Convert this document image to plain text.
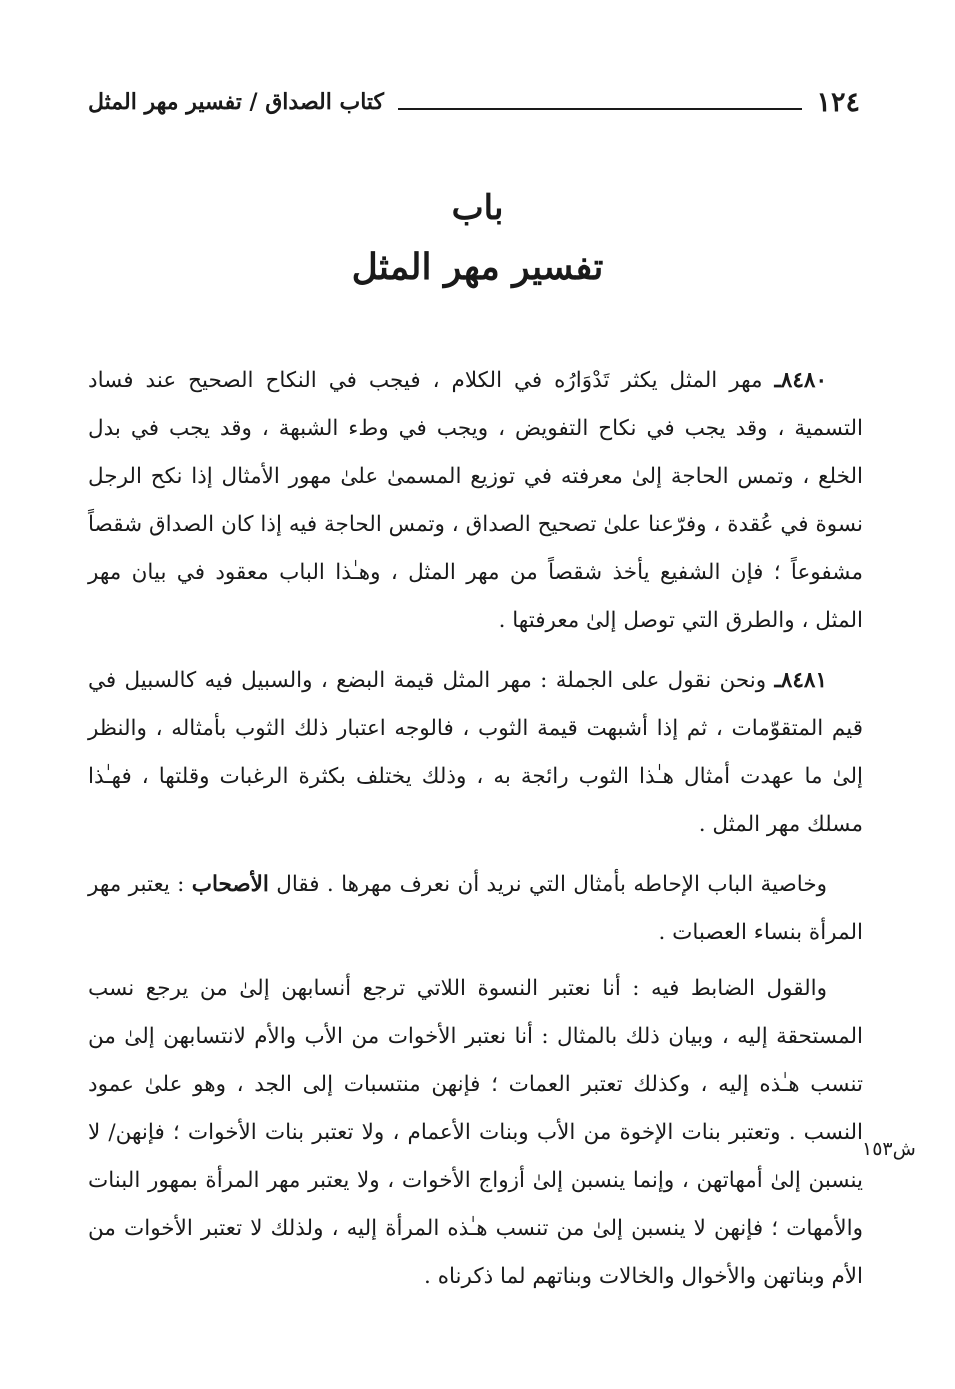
١٢٤
كتاب الصداق / تفسير مهر المثل
باب
تفسير مهر المثل

٨٤٨٠ـ مهر المثل يكثر تَدْوَارُه في الكلام ، فيجب في النكاح الصحيح عند فساد التسمية ، وقد يجب في نكاح التفويض ، ويجب في وطء الشبهة ، وقد يجب في بدل الخلع ، وتمس الحاجة إلىٰ معرفته في توزيع المسمىٰ علىٰ مهور الأمثال إذا نكح الرجل نسوة في عُقدة ، وفرّعنا علىٰ تصحيح الصداق ، وتمس الحاجة فيه إذا كان الصداق شقصاً مشفوعاً ؛ فإن الشفيع يأخذ شقصاً من مهر المثل ، وهـٰذا الباب معقود في بيان مهر المثل ، والطرق التي توصل إلىٰ معرفتها .

٨٤٨١ـ ونحن نقول على الجملة : مهر المثل قيمة البضع ، والسبيل فيه كالسبيل في قيم المتقوّمات ، ثم إذا أشبهت قيمة الثوب ، فالوجه اعتبار ذلك الثوب بأمثاله ، والنظر إلىٰ ما عهدت أمثال هـٰذا الثوب رائجة به ، وذلك يختلف بكثرة الرغبات وقلتها ، فهـٰذا مسلك مهر المثل .

وخاصية الباب الإحاطه بأمثال التي نريد أن نعرف مهرها . فقال الأصحاب : يعتبر مهر المرأة بنساء العصبات .

والقول الضابط فيه : أنا نعتبر النسوة اللاتي ترجع أنسابهن إلىٰ من يرجع نسب المستحقة إليه ، وبيان ذلك بالمثال : أنا نعتبر الأخوات من الأب والأم لانتسابهن إلىٰ من تنسب هـٰذه إليه ، وكذلك تعتبر العمات ؛ فإنهن منتسبات إلى الجد ، وهو علىٰ عمود النسب . وتعتبر بنات الإخوة من الأب وبنات الأعمام ، ولا تعتبر بنات الأخوات ؛ فإنهن/ لا ينسبن إلىٰ أمهاتهن ، وإنما ينسبن إلىٰ أزواج الأخوات ، ولا يعتبر مهر المرأة بمهور البنات والأمهات ؛ فإنهن لا ينسبن إلىٰ من تنسب هـٰذه المرأة إليه ، ولذلك لا تعتبر الأخوات من الأم وبناتهن والأخوال والخالات وبناتهم لما ذكرناه .

ش١٥٣
